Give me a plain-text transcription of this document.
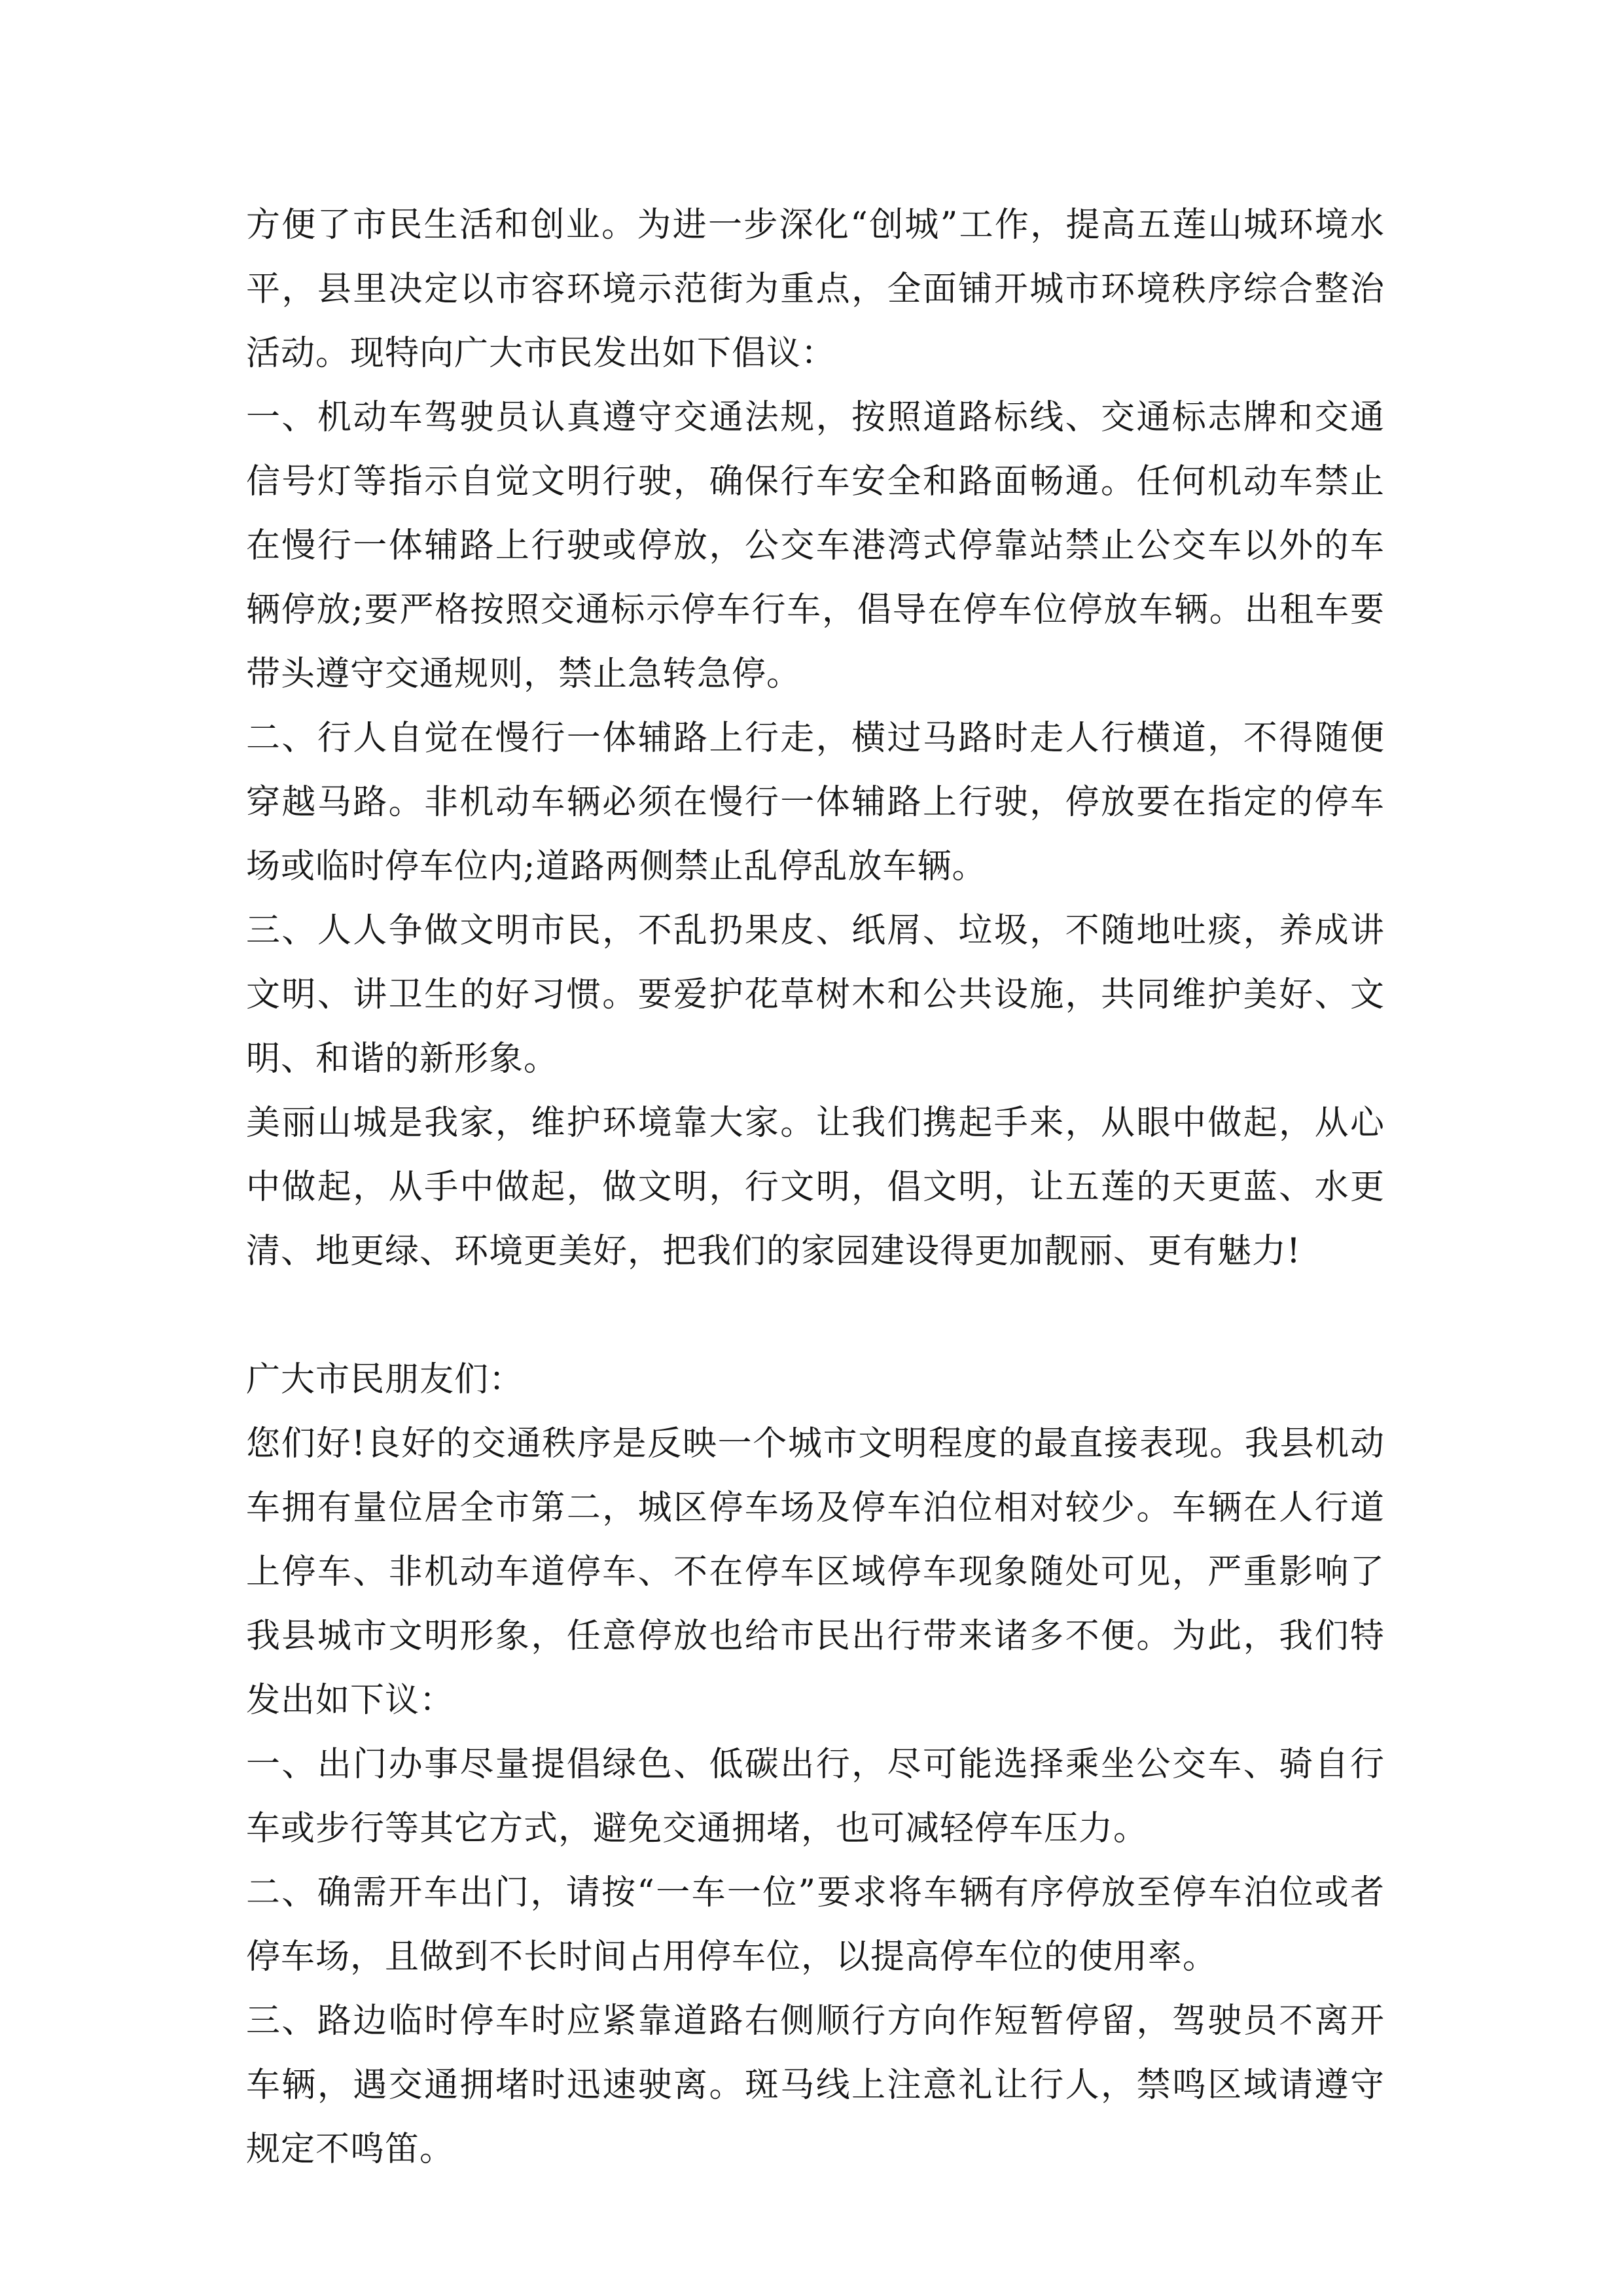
方便了市民生活和创业。为进一步深化“创城”工作，提高五莲山城环境水平，县里决定以市容环境示范街为重点，全面铺开城市环境秩序综合整治活动。现特向广大市民发出如下倡议：

一、机动车驾驶员认真遵守交通法规，按照道路标线、交通标志牌和交通信号灯等指示自觉文明行驶，确保行车安全和路面畅通。任何机动车禁止在慢行一体辅路上行驶或停放，公交车港湾式停靠站禁止公交车以外的车辆停放;要严格按照交通标示停车行车，倡导在停车位停放车辆。出租车要带头遵守交通规则，禁止急转急停。

二、行人自觉在慢行一体辅路上行走，横过马路时走人行横道，不得随便穿越马路。非机动车辆必须在慢行一体辅路上行驶，停放要在指定的停车场或临时停车位内;道路两侧禁止乱停乱放车辆。

三、人人争做文明市民，不乱扔果皮、纸屑、垃圾，不随地吐痰，养成讲文明、讲卫生的好习惯。要爱护花草树木和公共设施，共同维护美好、文明、和谐的新形象。

美丽山城是我家，维护环境靠大家。让我们携起手来，从眼中做起，从心中做起，从手中做起，做文明，行文明，倡文明，让五莲的天更蓝、水更清、地更绿、环境更美好，把我们的家园建设得更加靓丽、更有魅力!

广大市民朋友们：

您们好!良好的交通秩序是反映一个城市文明程度的最直接表现。我县机动车拥有量位居全市第二，城区停车场及停车泊位相对较少。车辆在人行道上停车、非机动车道停车、不在停车区域停车现象随处可见，严重影响了我县城市文明形象，任意停放也给市民出行带来诸多不便。为此，我们特发出如下议：

一、出门办事尽量提倡绿色、低碳出行，尽可能选择乘坐公交车、骑自行车或步行等其它方式，避免交通拥堵，也可减轻停车压力。

二、确需开车出门，请按“一车一位”要求将车辆有序停放至停车泊位或者停车场，且做到不长时间占用停车位，以提高停车位的使用率。

三、路边临时停车时应紧靠道路右侧顺行方向作短暂停留，驾驶员不离开车辆，遇交通拥堵时迅速驶离。斑马线上注意礼让行人，禁鸣区域请遵守规定不鸣笛。
